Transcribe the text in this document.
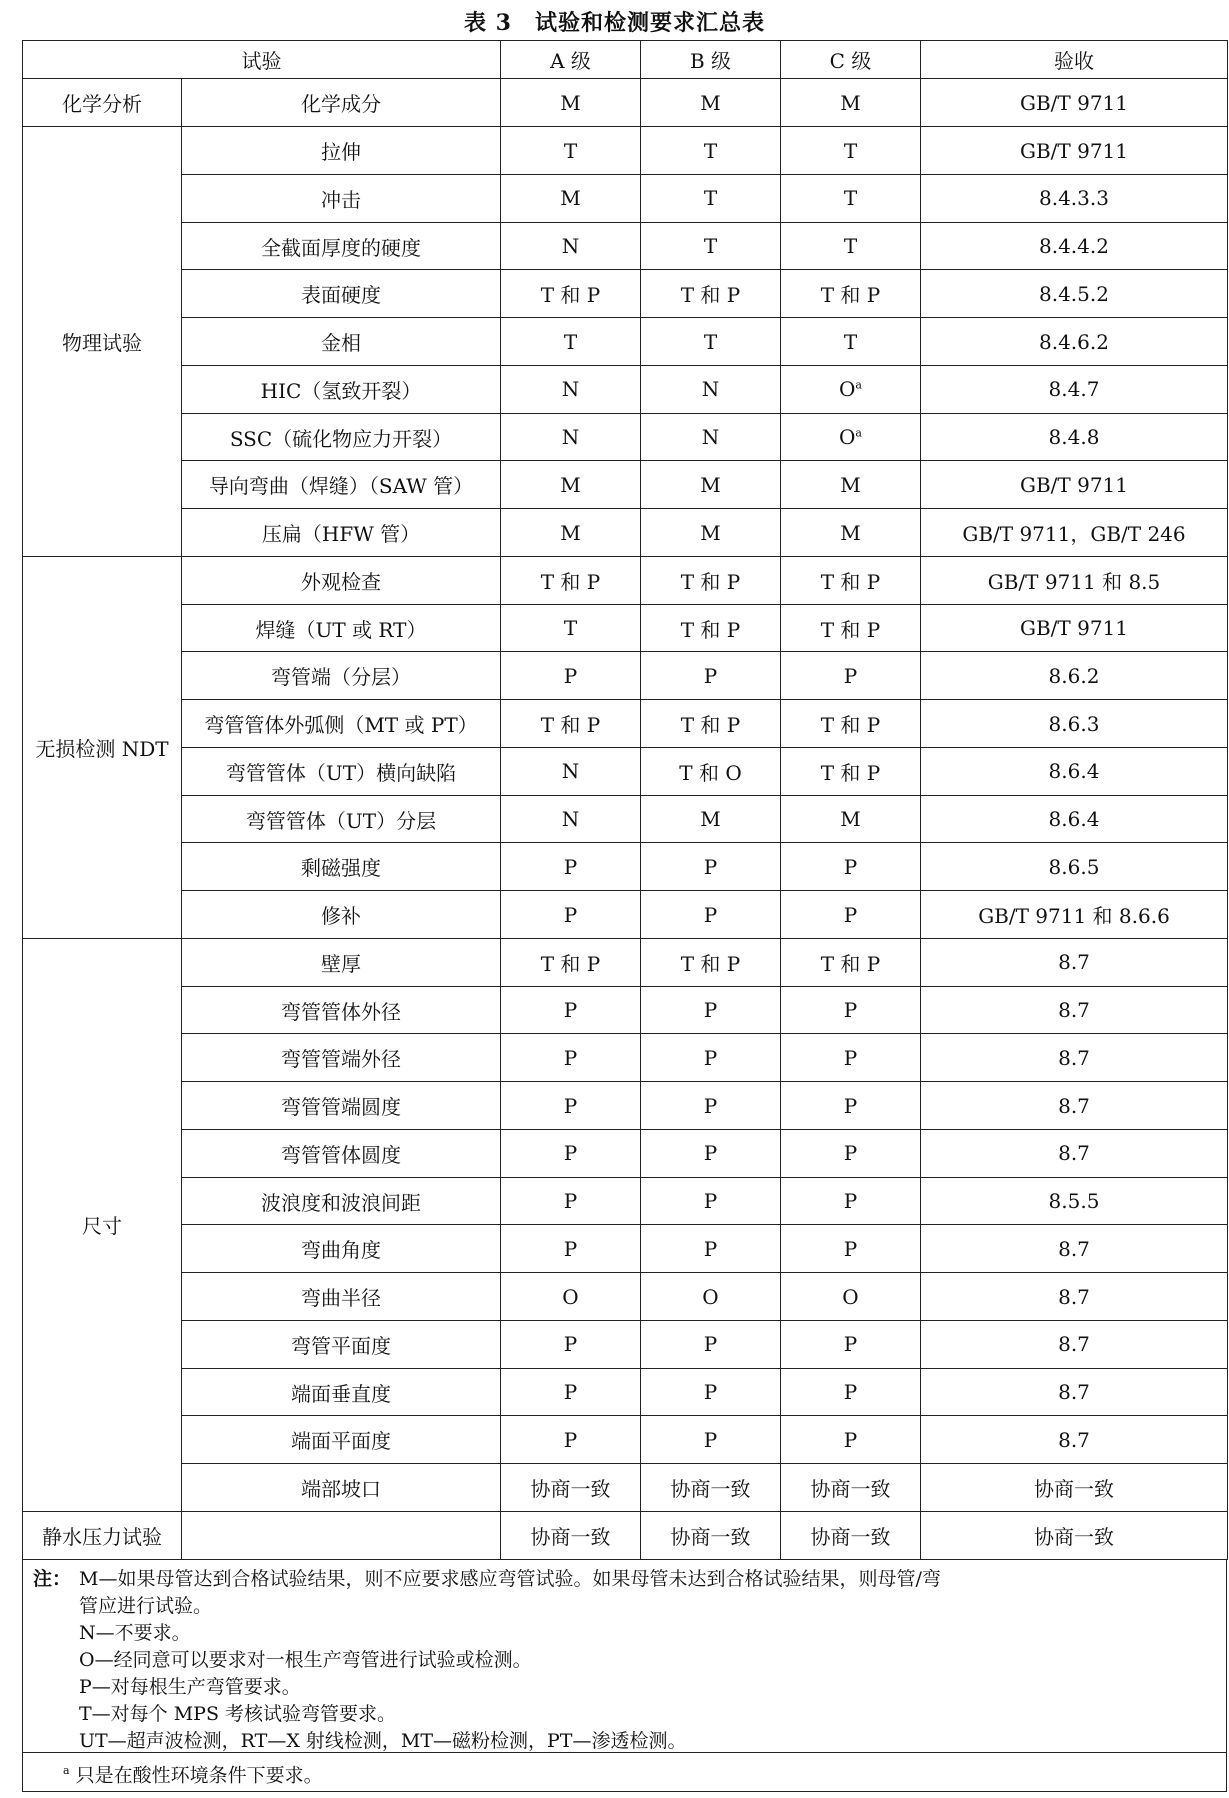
表 3　试验和检测要求汇总表
试验		A 级	B 级	C 级	验收
化学分析	化学成分	M	M	M	GB/T 9711
物理试验	拉伸	T	T	T	GB/T 9711
	冲击	M	T	T	8.4.3.3
	全截面厚度的硬度	N	T	T	8.4.4.2
	表面硬度	T 和 P	T 和 P	T 和 P	8.4.5.2
	金相	T	T	T	8.4.6.2
	HIC（氢致开裂）	N	N	O$^a$	8.4.7
	SSC（硫化物应力开裂）	N	N	O$^a$	8.4.8
	导向弯曲（焊缝）（SAW 管）	M	M	M	GB/T 9711
	压扁（HFW 管）	M	M	M	GB/T 9711，GB/T 246
无损检测 NDT	外观检查	T 和 P	T 和 P	T 和 P	GB/T 9711 和 8.5
	焊缝（UT 或 RT）	T	T 和 P	T 和 P	GB/T 9711
	弯管端（分层）	P	P	P	8.6.2
	弯管管体外弧侧（MT 或 PT）	T 和 P	T 和 P	T 和 P	8.6.3
	弯管管体（UT）横向缺陷	N	T 和 O	T 和 P	8.6.4
	弯管管体（UT）分层	N	M	M	8.6.4
	剩磁强度	P	P	P	8.6.5
	修补	P	P	P	GB/T 9711 和 8.6.6
尺寸	壁厚	T 和 P	T 和 P	T 和 P	8.7
	弯管管体外径	P	P	P	8.7
	弯管管端外径	P	P	P	8.7
	弯管管端圆度	P	P	P	8.7
	弯管管体圆度	P	P	P	8.7
	波浪度和波浪间距	P	P	P	8.5.5
	弯曲角度	P	P	P	8.7
	弯曲半径	O	O	O	8.7
	弯管平面度	P	P	P	8.7
	端面垂直度	P	P	P	8.7
	端面平面度	P	P	P	8.7
	端部坡口	协商一致	协商一致	协商一致	协商一致
静水压力试验		协商一致	协商一致	协商一致	协商一致
注： M—如果母管达到合格试验结果，则不应要求感应弯管试验。如果母管未达到合格试验结果，则母管/弯
管应进行试验。
N—不要求。
O—经同意可以要求对一根生产弯管进行试验或检测。
P—对每根生产弯管要求。
T—对每个 MPS 考核试验弯管要求。
UT—超声波检测，RT—X 射线检测，MT—磁粉检测，PT—渗透检测。
$^a$ 只是在酸性环境条件下要求。
